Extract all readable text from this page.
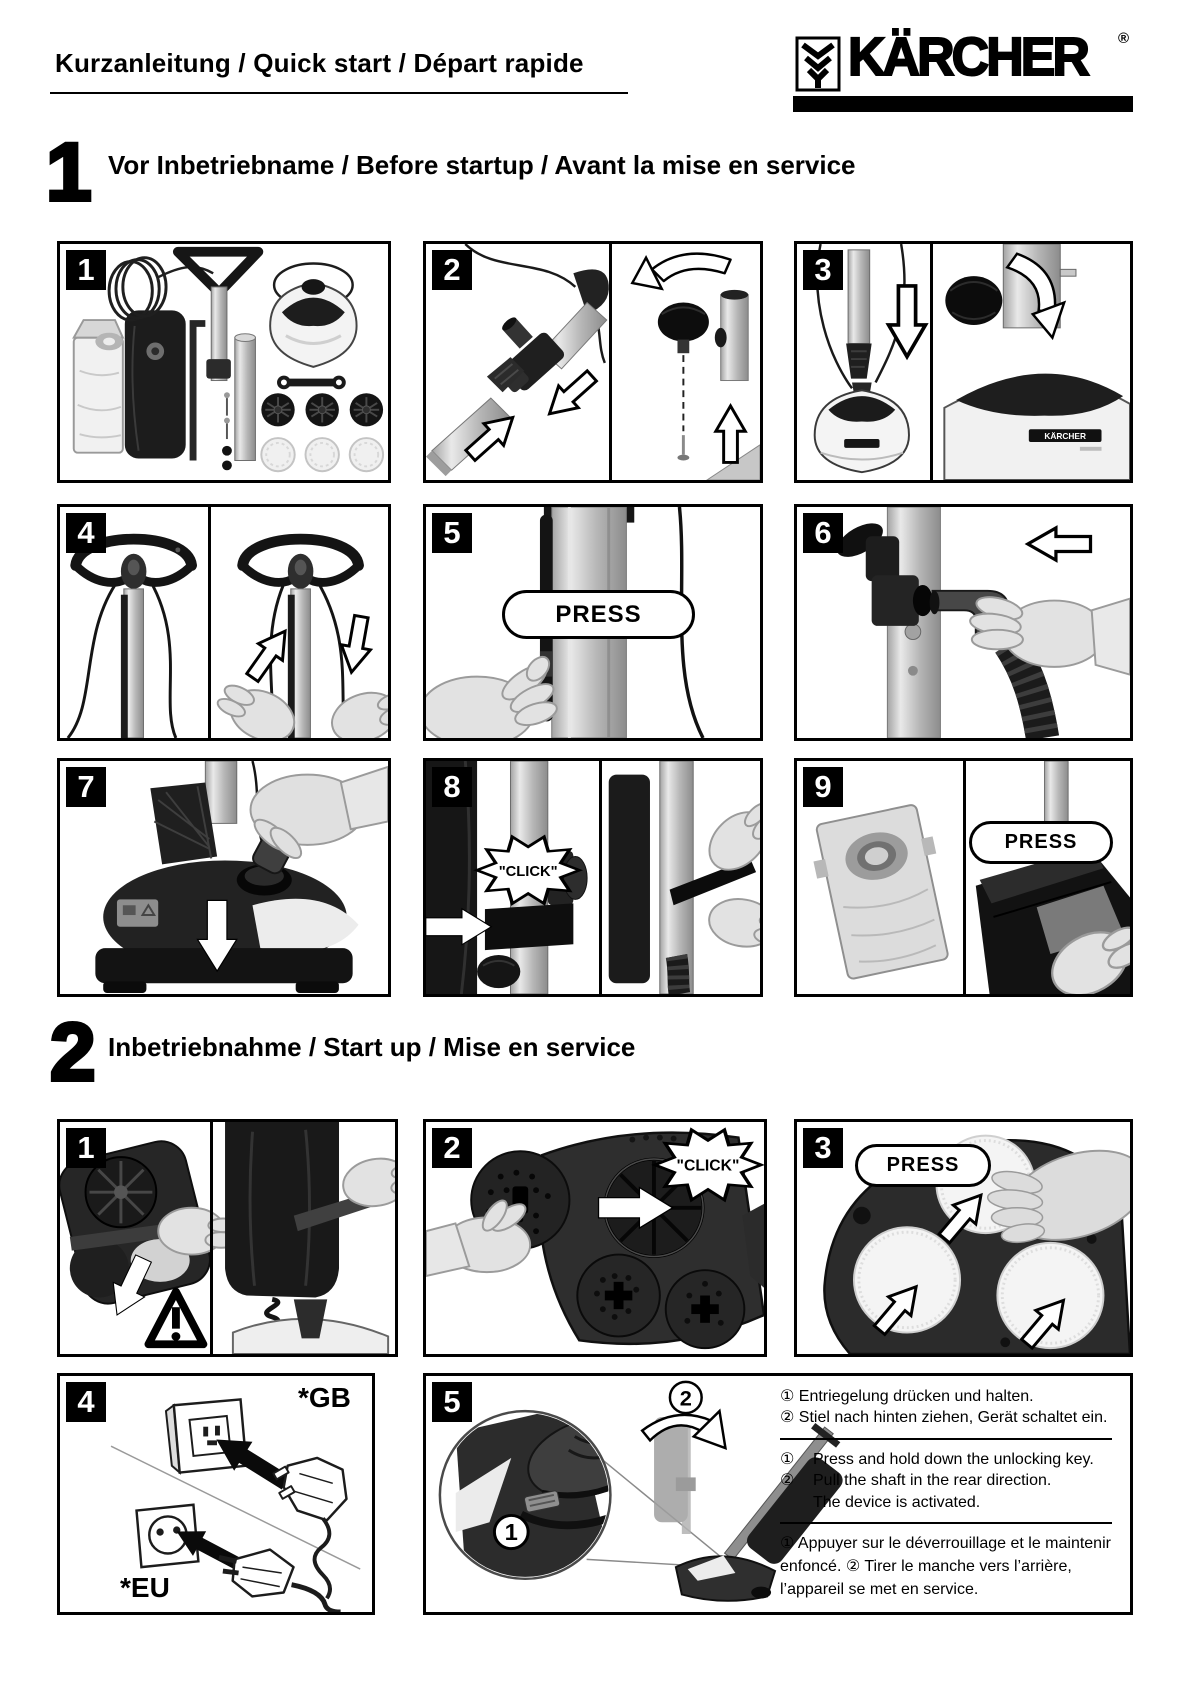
Kurzanleitung / Quick start / Départ rapide	KÄRCHER ®
1 Vor Inbetriebname / Before startup / Avant la mise en service
1	2
KÄRCHER
3
4
PRESS
5	6
7
"CLICK"
8
PRESS
9
2 Inbetriebnahme / Start up / Mise en service
1
"CLICK"
2	PRESS
3
*GB
*EU
4
1
2	① Entriegelung drücken und halten.

② Stiel nach hinten ziehen, Gerät schaltet ein.

①	Press and hold down the unlocking key.
②	Pull the shaft in the rear direction.
The device is activated.

① Appuyer sur le déverrouillage et le maintenir enfoncé. ② Tirer le manche vers l’arrière, l’appareil se met en service.

5
